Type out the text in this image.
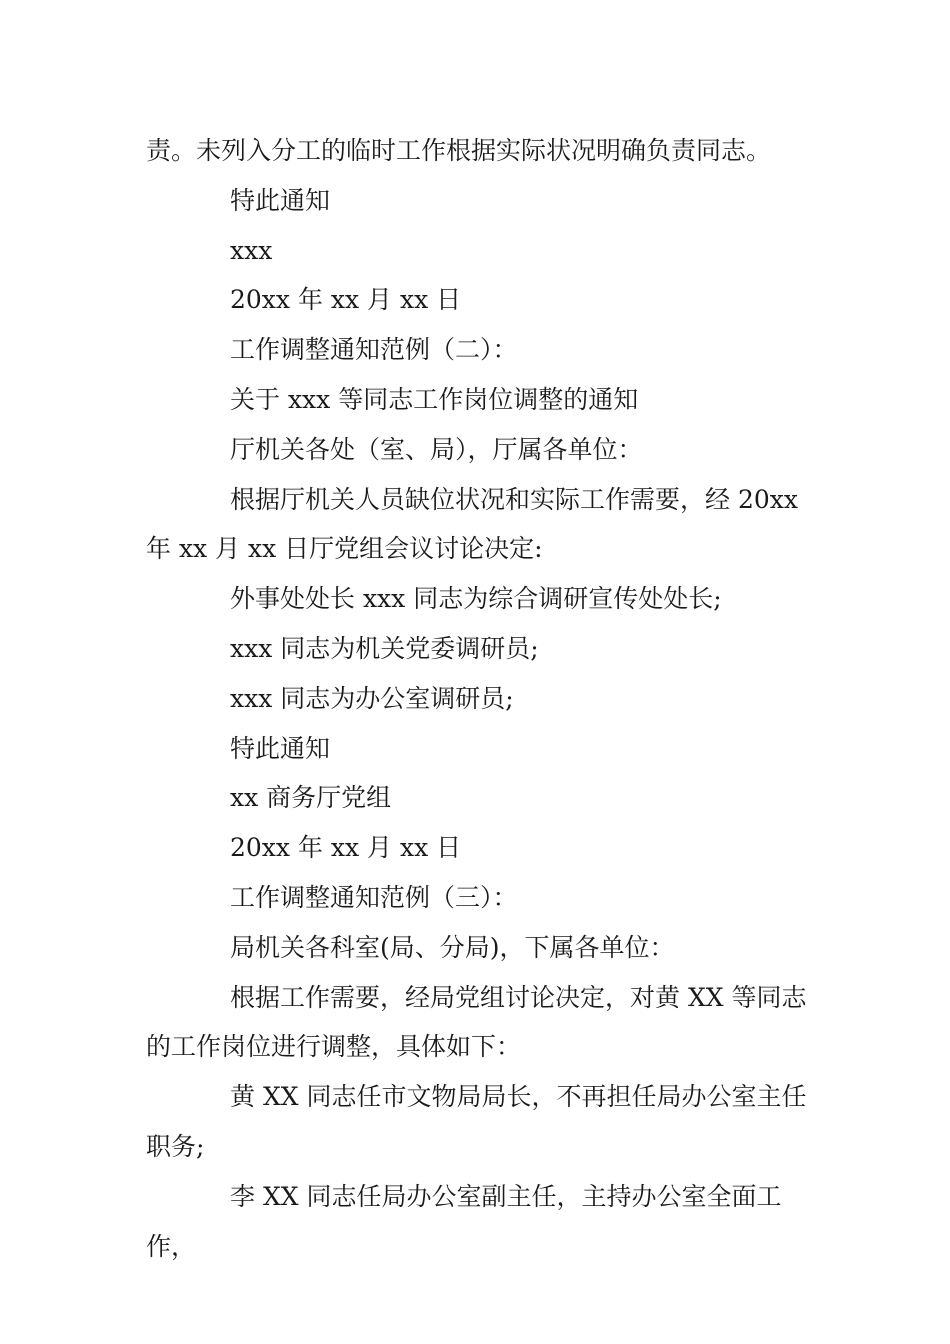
责。未列入分工的临时工作根据实际状况明确负责同志。

特此通知

xxx

20xx 年 xx 月 xx 日

工作调整通知范例（二）：

关于 xxx 等同志工作岗位调整的通知

厅机关各处（室、局），厅属各单位：

根据厅机关人员缺位状况和实际工作需要，经 20xx

年 xx 月 xx 日厅党组会议讨论决定:

外事处处长 xxx 同志为综合调研宣传处处长;

xxx 同志为机关党委调研员;

xxx 同志为办公室调研员;

特此通知

xx 商务厅党组

20xx 年 xx 月 xx 日

工作调整通知范例（三）：

局机关各科室(局、分局)，下属各单位：

根据工作需要，经局党组讨论决定，对黄 XX 等同志

的工作岗位进行调整，具体如下：

黄 XX 同志任市文物局局长，不再担任局办公室主任

职务;

李 XX 同志任局办公室副主任，主持办公室全面工作，
